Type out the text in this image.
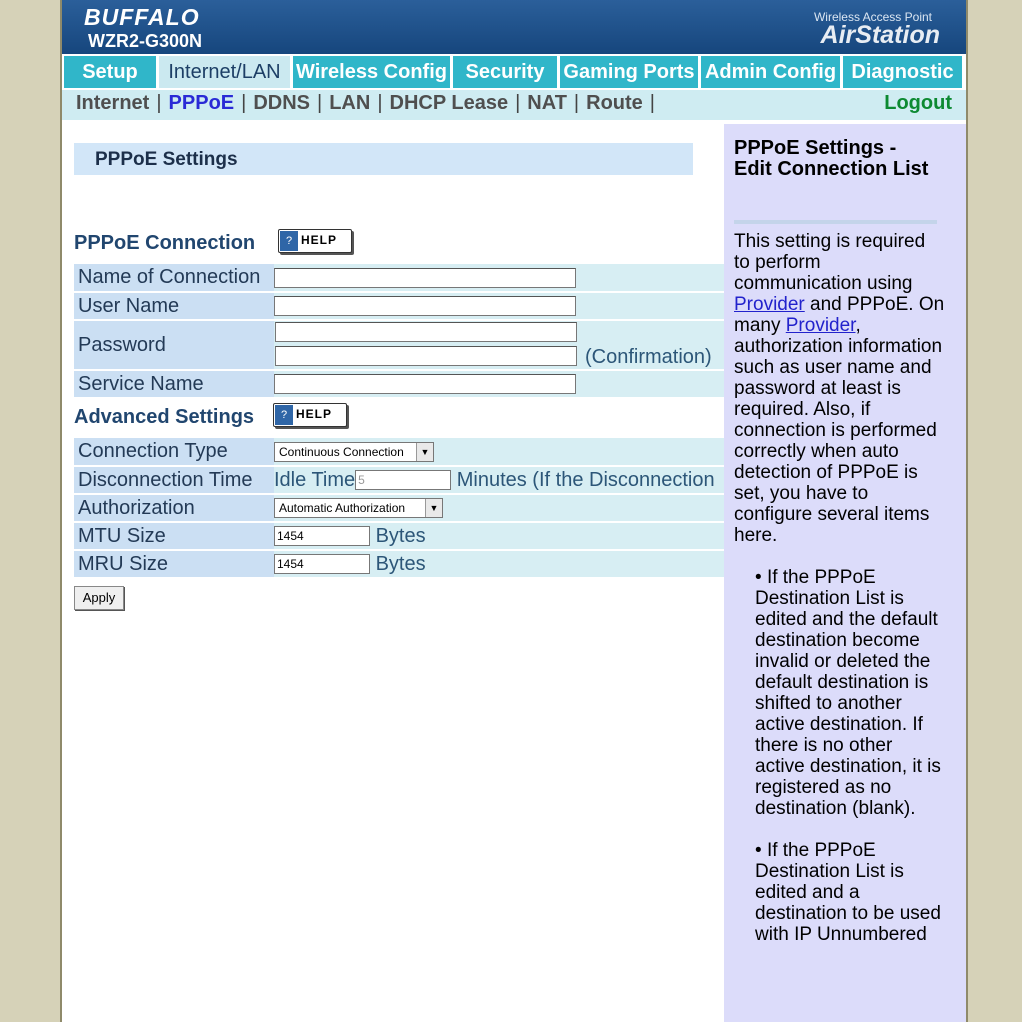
BUFFALO
WZR2-G300N
Wireless Access Point
AirStation
Setup	Internet/LAN Wireless Config Security Gaming Ports Admin Config Diagnostic
Internet | PPPoE | DDNS | LAN | DHCP Lease | NAT | Route |	Logout
PPPoE Settings
PPPoE Connection	? HELP
Name of Connection	
User Name	
Password	(Confirmation)

Service Name	
Advanced Settings	? HELP
Connection Type	Continuous Connection ▼

Disconnection Time	Idle Time 5 Minutes (If the Disconnection
Authorization	Automatic Authorization ▼

MTU Size	1454 Bytes
MRU Size	1454 Bytes
Apply
PPPoE Settings - Edit Connection List
This setting is required to perform communication using Provider and PPPoE. On many Provider, authorization information such as user name and password at least is required. Also, if connection is performed correctly when auto detection of PPPoE is set, you have to configure several items here.
• If the PPPoE Destination List is edited and the default destination become invalid or deleted the default destination is shifted to another active destination. If there is no other active destination, it is registered as no destination (blank).
• If the PPPoE Destination List is edited and a destination to be used with IP Unnumbered
